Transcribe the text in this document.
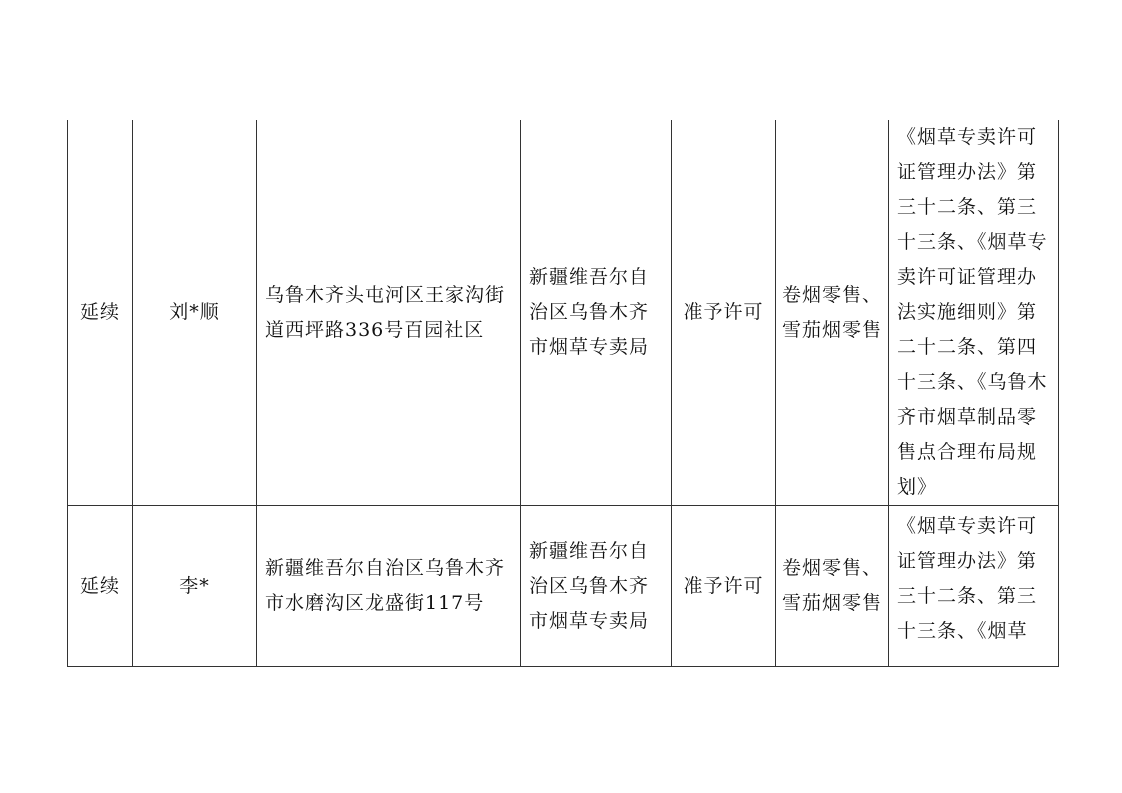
延续	刘*顺	乌鲁木齐头屯河区王家沟街道西坪路336号百园社区	新疆维吾尔自治区乌鲁木齐市烟草专卖局	准予许可	卷烟零售、雪茄烟零售	《烟草专卖许可证管理办法》第三十二条、第三十三条、《烟草专卖许可证管理办法实施细则》第二十二条、第四十三条、《乌鲁木齐市烟草制品零售点合理布局规划》

延续	李*	新疆维吾尔自治区乌鲁木齐市水磨沟区龙盛街117号	新疆维吾尔自治区乌鲁木齐市烟草专卖局	准予许可	卷烟零售、雪茄烟零售	《烟草专卖许可证管理办法》第三十二条、第三十三条、《烟草
